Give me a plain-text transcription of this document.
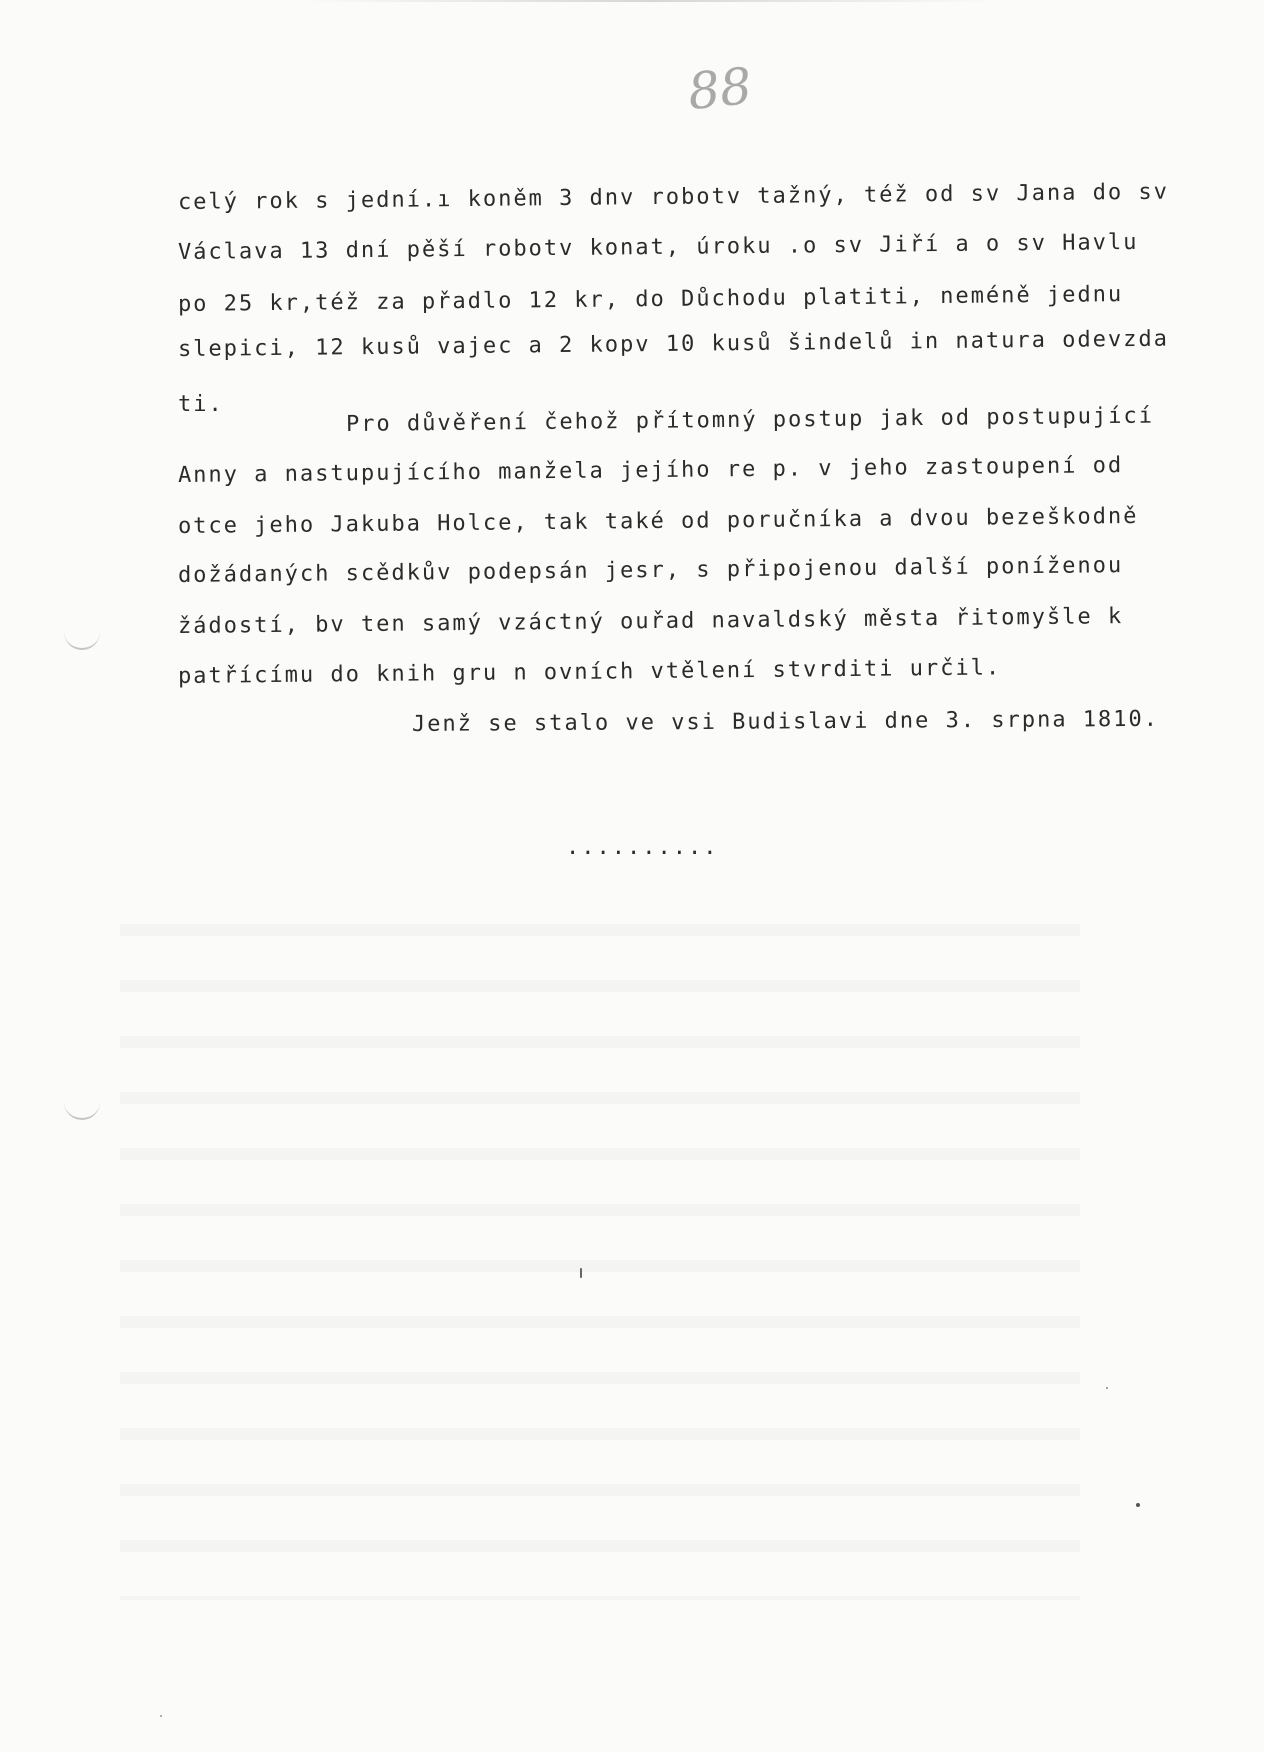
88
celý rok s jední.ı koněm 3 dnv robotv tažný, též od sv Jana do sv
Václava 13 dní pěší robotv konat, úroku .o sv Jiří a o sv Havlu
po 25 kr,též za přadlo 12 kr, do Důchodu platiti, neméně jednu
slepici, 12 kusů vajec a 2 kopv 10 kusů šindelů in natura odevzda
ti.	Pro důvěření čehož přítomný postup jak od postupující
Anny a nastupujícího manžela jejího re p. v jeho zastoupení od
otce jeho Jakuba Holce, tak také od poručníka a dvou bezeškodně
dožádaných scědkův podepsán jesr, s připojenou další poníženou
žádostí, bv ten samý vzáctný ouřad navaldský města řitomyšle k
patřícímu do knih gru n ovních vtělení stvrditi určil.
Jenž se stalo ve vsi Budislavi dne 3. srpna 1810.
..........
